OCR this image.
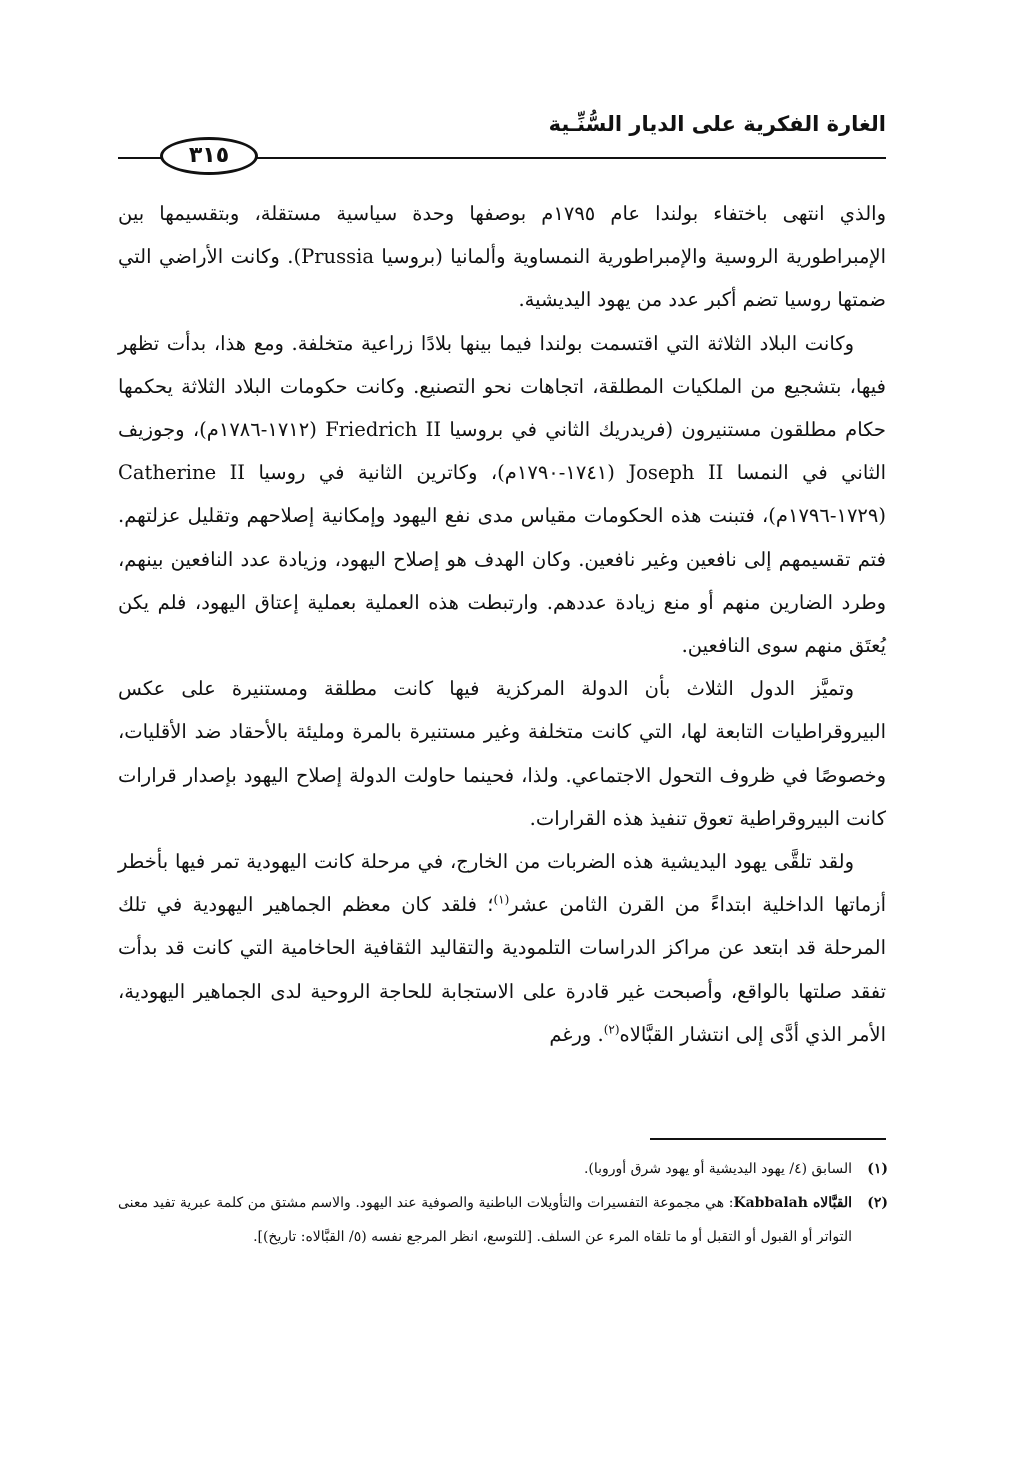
الغارة الفكرية على الديار السُّنِّـية
٣١٥

والذي انتهى باختفاء بولندا عام ١٧٩٥م بوصفها وحدة سياسية مستقلة، وبتقسيمها بين الإمبراطورية الروسية والإمبراطورية النمساوية وألمانيا (بروسيا Prussia). وكانت الأراضي التي ضمتها روسيا تضم أكبر عدد من يهود اليديشية.

وكانت البلاد الثلاثة التي اقتسمت بولندا فيما بينها بلادًا زراعية متخلفة. ومع هذا، بدأت تظهر فيها، بتشجيع من الملكيات المطلقة، اتجاهات نحو التصنيع. وكانت حكومات البلاد الثلاثة يحكمها حكام مطلقون مستنيرون (فريدريك الثاني في بروسيا Friedrich II (١٧١٢-١٧٨٦م)، وجوزيف الثاني في النمسا Joseph II (١٧٤١-١٧٩٠م)، وكاترين الثانية في روسيا Catherine II (١٧٢٩-١٧٩٦م)، فتبنت هذه الحكومات مقياس مدى نفع اليهود وإمكانية إصلاحهم وتقليل عزلتهم. فتم تقسيمهم إلى نافعين وغير نافعين. وكان الهدف هو إصلاح اليهود، وزيادة عدد النافعين بينهم، وطرد الضارين منهم أو منع زيادة عددهم. وارتبطت هذه العملية بعملية إعتاق اليهود، فلم يكن يُعتَق منهم سوى النافعين.

وتميَّز الدول الثلاث بأن الدولة المركزية فيها كانت مطلقة ومستنيرة على عكس البيروقراطيات التابعة لها، التي كانت متخلفة وغير مستنيرة بالمرة ومليئة بالأحقاد ضد الأقليات، وخصوصًا في ظروف التحول الاجتماعي. ولذا، فحينما حاولت الدولة إصلاح اليهود بإصدار قرارات كانت البيروقراطية تعوق تنفيذ هذه القرارات.

ولقد تلقَّى يهود اليديشية هذه الضربات من الخارج، في مرحلة كانت اليهودية تمر فيها بأخطر أزماتها الداخلية ابتداءً من القرن الثامن عشر$^{(١)}$؛ فلقد كان معظم الجماهير اليهودية في تلك المرحلة قد ابتعد عن مراكز الدراسات التلمودية والتقاليد الثقافية الحاخامية التي كانت قد بدأت تفقد صلتها بالواقع، وأصبحت غير قادرة على الاستجابة للحاجة الروحية لدى الجماهير اليهودية، الأمر الذي أدَّى إلى انتشار القبَّالاه$^{(٢)}$. ورغم

(١)
السابق (٤/ يهود اليديشية أو يهود شرق أوروبا).
(٢)
القبَّالاه Kabbalah: هي مجموعة التفسيرات والتأويلات الباطنية والصوفية عند اليهود. والاسم مشتق من كلمة عبرية تفيد معنى التواتر أو القبول أو التقبل أو ما تلقاه المرء عن السلف. [للتوسع، انظر المرجع نفسه (٥/ القبَّالاه: تاريخ)].
